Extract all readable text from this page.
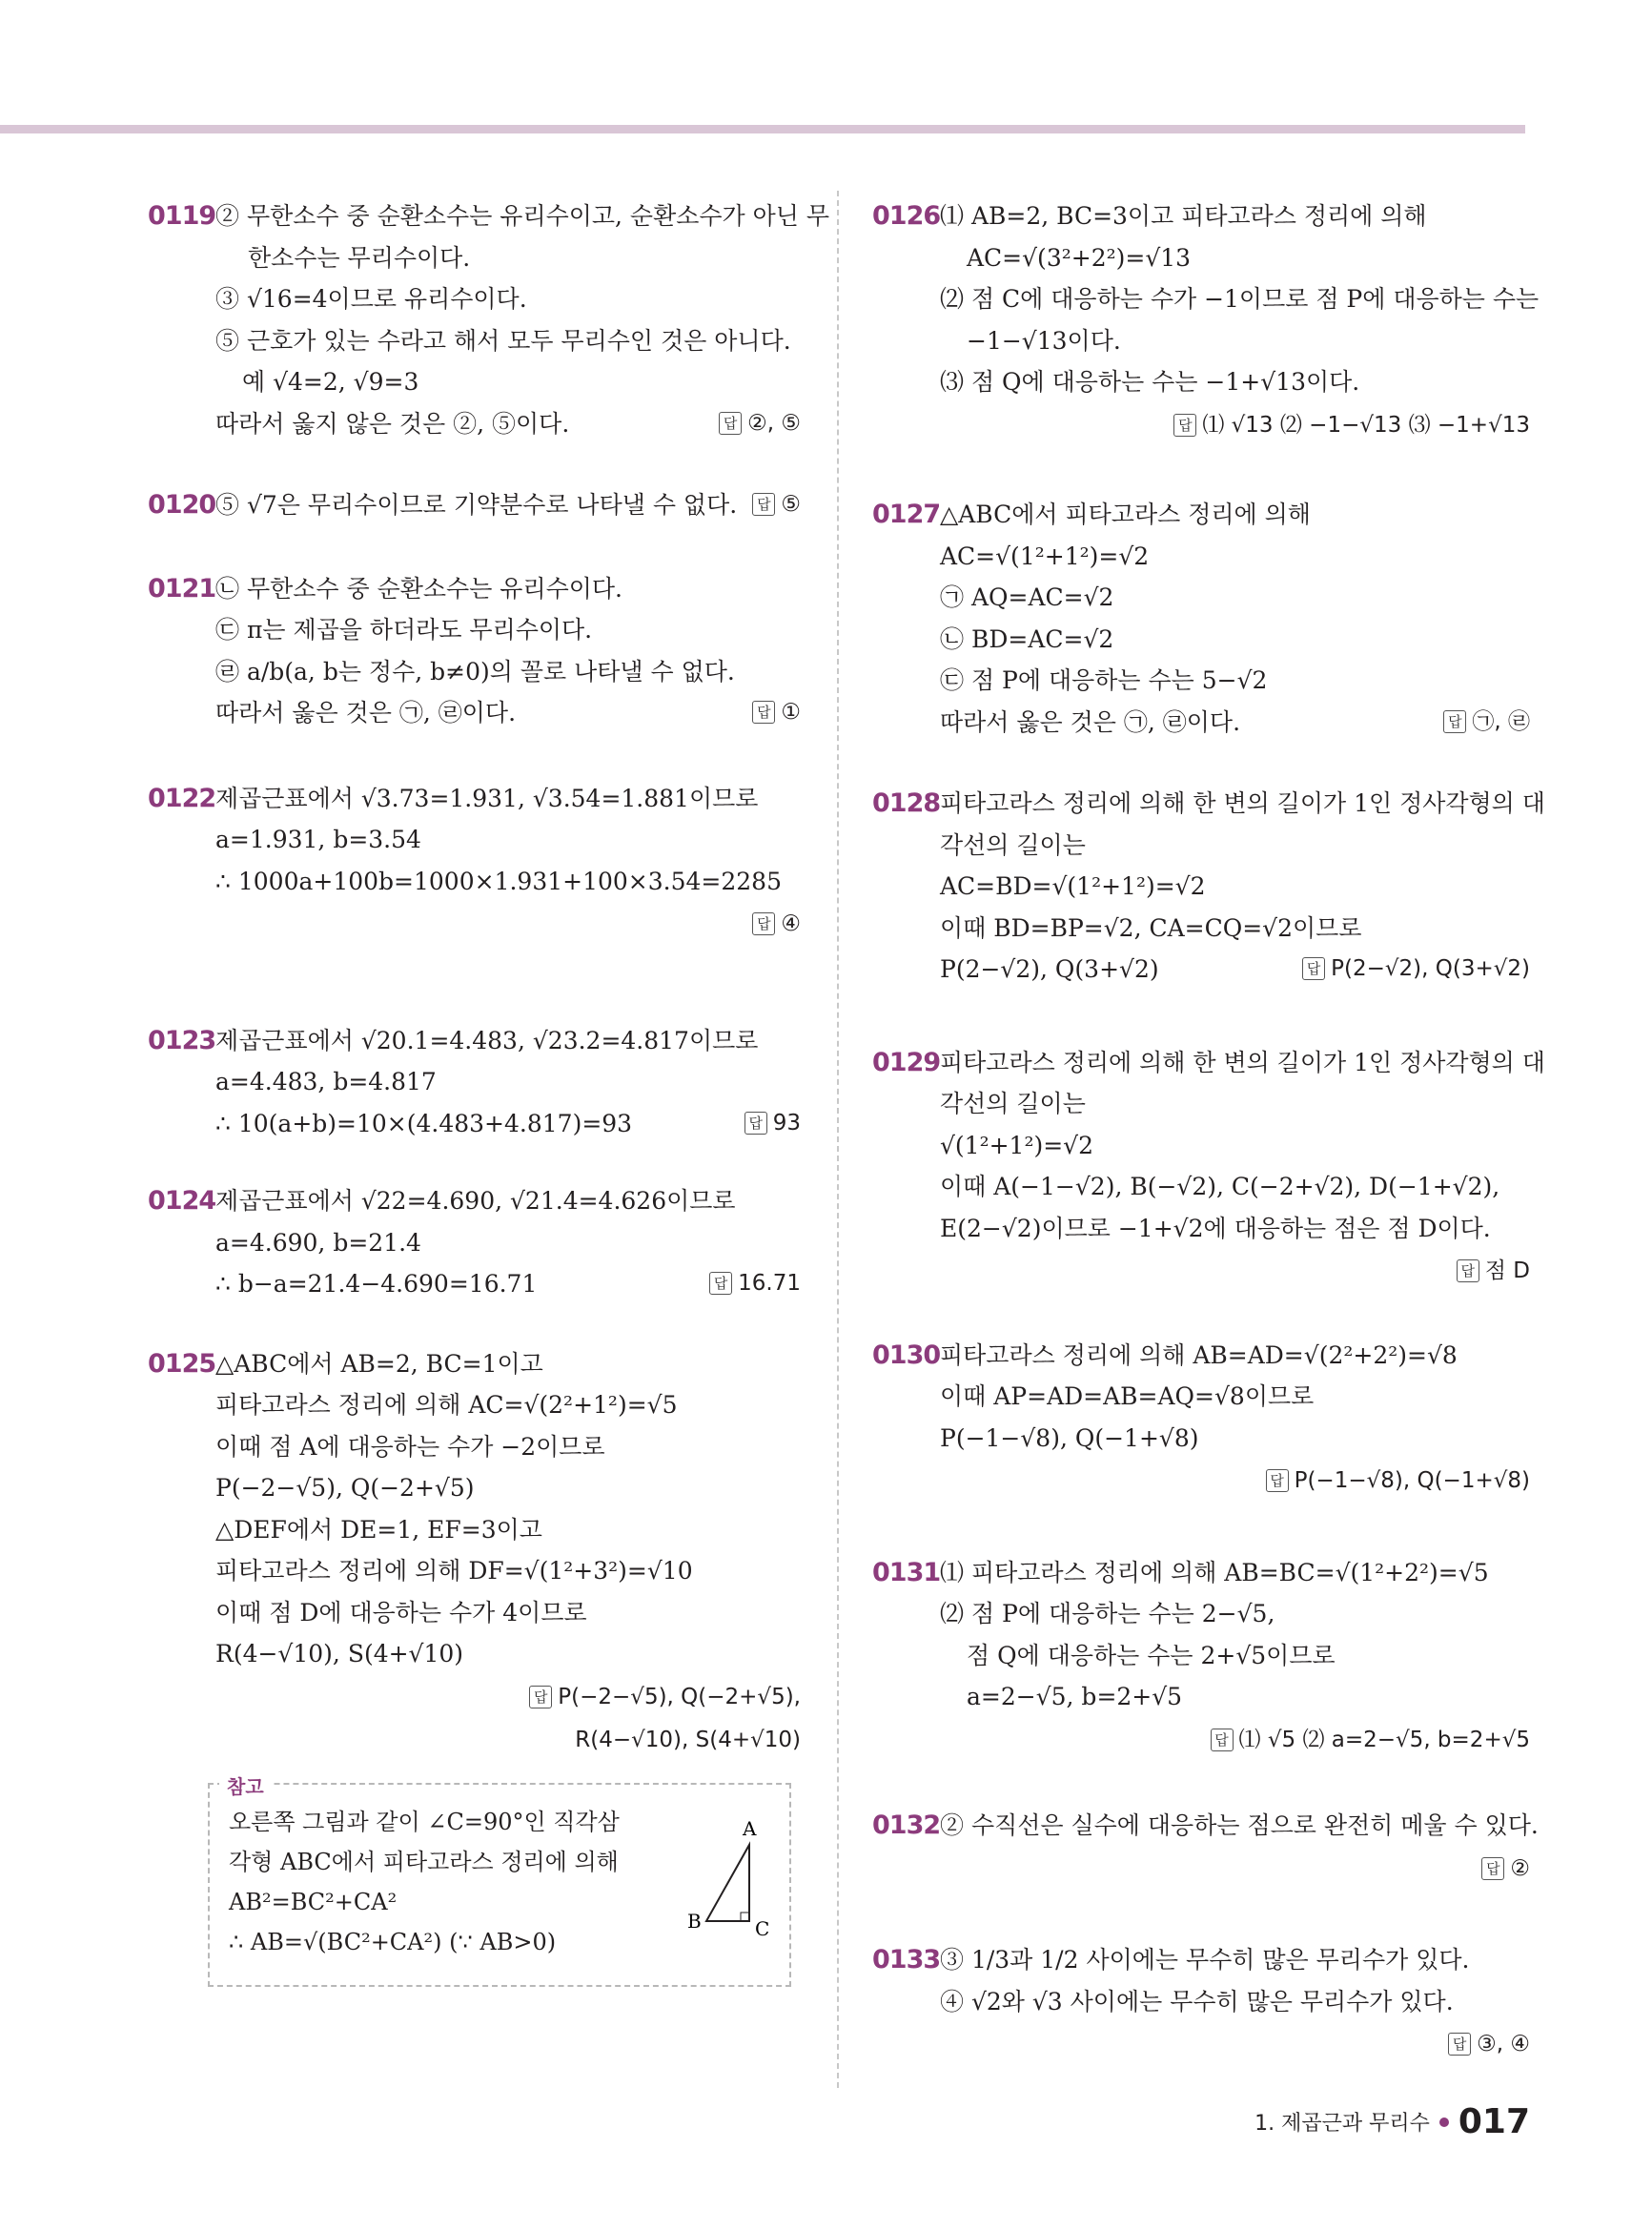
0119 ② 무한소수 중 순환소수는 유리수이고, 순환소수가 아닌 무
한소수는 무리수이다.
③ √16=4이므로 유리수이다.
⑤ 근호가 있는 수라고 해서 모두 무리수인 것은 아니다.
예 √4=2, √9=3
따라서 옳지 않은 것은 ②, ⑤이다.	답 ②, ⑤
0120 ⑤ √7은 무리수이므로 기약분수로 나타낼 수 없다.	답 ⑤
0121 ㉡ 무한소수 중 순환소수는 유리수이다.
㉢ π는 제곱을 하더라도 무리수이다.
㉣ a/b(a, b는 정수, b≠0)의 꼴로 나타낼 수 없다.
따라서 옳은 것은 ㉠, ㉣이다.	답 ①
0122 제곱근표에서 √3.73=1.931, √3.54=1.881이므로
a=1.931, b=3.54
∴ 1000a+100b=1000×1.931+100×3.54=2285
답 ④
0123 제곱근표에서 √20.1=4.483, √23.2=4.817이므로
a=4.483, b=4.817
∴ 10(a+b)=10×(4.483+4.817)=93	답 93
0124 제곱근표에서 √22=4.690, √21.4=4.626이므로
a=4.690, b=21.4
∴ b−a=21.4−4.690=16.71	답 16.71
0125 △ABC에서 AB=2, BC=1이고
피타고라스 정리에 의해 AC=√(2²+1²)=√5
이때 점 A에 대응하는 수가 −2이므로
P(−2−√5), Q(−2+√5)
△DEF에서 DE=1, EF=3이고
피타고라스 정리에 의해 DF=√(1²+3²)=√10
이때 점 D에 대응하는 수가 4이므로
R(4−√10), S(4+√10)
답 P(−2−√5), Q(−2+√5),
R(4−√10), S(4+√10)
참고
오른쪽 그림과 같이 ∠C=90°인 직각삼
각형 ABC에서 피타고라스 정리에 의해
AB²=BC²+CA²
∴ AB=√(BC²+CA²) (∵ AB>0)
A
B	C
0126 ⑴ AB=2, BC=3이고 피타고라스 정리에 의해
AC=√(3²+2²)=√13
⑵ 점 C에 대응하는 수가 −1이므로 점 P에 대응하는 수는
−1−√13이다.
⑶ 점 Q에 대응하는 수는 −1+√13이다.
답 ⑴ √13 ⑵ −1−√13 ⑶ −1+√13
0127 △ABC에서 피타고라스 정리에 의해
AC=√(1²+1²)=√2
㉠ AQ=AC=√2
㉡ BD=AC=√2
㉢ 점 P에 대응하는 수는 5−√2
따라서 옳은 것은 ㉠, ㉣이다.	답 ㉠, ㉣
0128 피타고라스 정리에 의해 한 변의 길이가 1인 정사각형의 대
각선의 길이는
AC=BD=√(1²+1²)=√2
이때 BD=BP=√2, CA=CQ=√2이므로
P(2−√2), Q(3+√2)	답 P(2−√2), Q(3+√2)
0129 피타고라스 정리에 의해 한 변의 길이가 1인 정사각형의 대
각선의 길이는
√(1²+1²)=√2
이때 A(−1−√2), B(−√2), C(−2+√2), D(−1+√2),
E(2−√2)이므로 −1+√2에 대응하는 점은 점 D이다.
답 점 D
0130 피타고라스 정리에 의해 AB=AD=√(2²+2²)=√8
이때 AP=AD=AB=AQ=√8이므로
P(−1−√8), Q(−1+√8)
답 P(−1−√8), Q(−1+√8)
0131 ⑴ 피타고라스 정리에 의해 AB=BC=√(1²+2²)=√5
⑵ 점 P에 대응하는 수는 2−√5,
점 Q에 대응하는 수는 2+√5이므로
a=2−√5, b=2+√5
답 ⑴ √5 ⑵ a=2−√5, b=2+√5
0132 ② 수직선은 실수에 대응하는 점으로 완전히 메울 수 있다.
답 ②
0133 ③ 1/3과 1/2 사이에는 무수히 많은 무리수가 있다.
④ √2와 √3 사이에는 무수히 많은 무리수가 있다.
답 ③, ④
1. 제곱근과 무리수 017
